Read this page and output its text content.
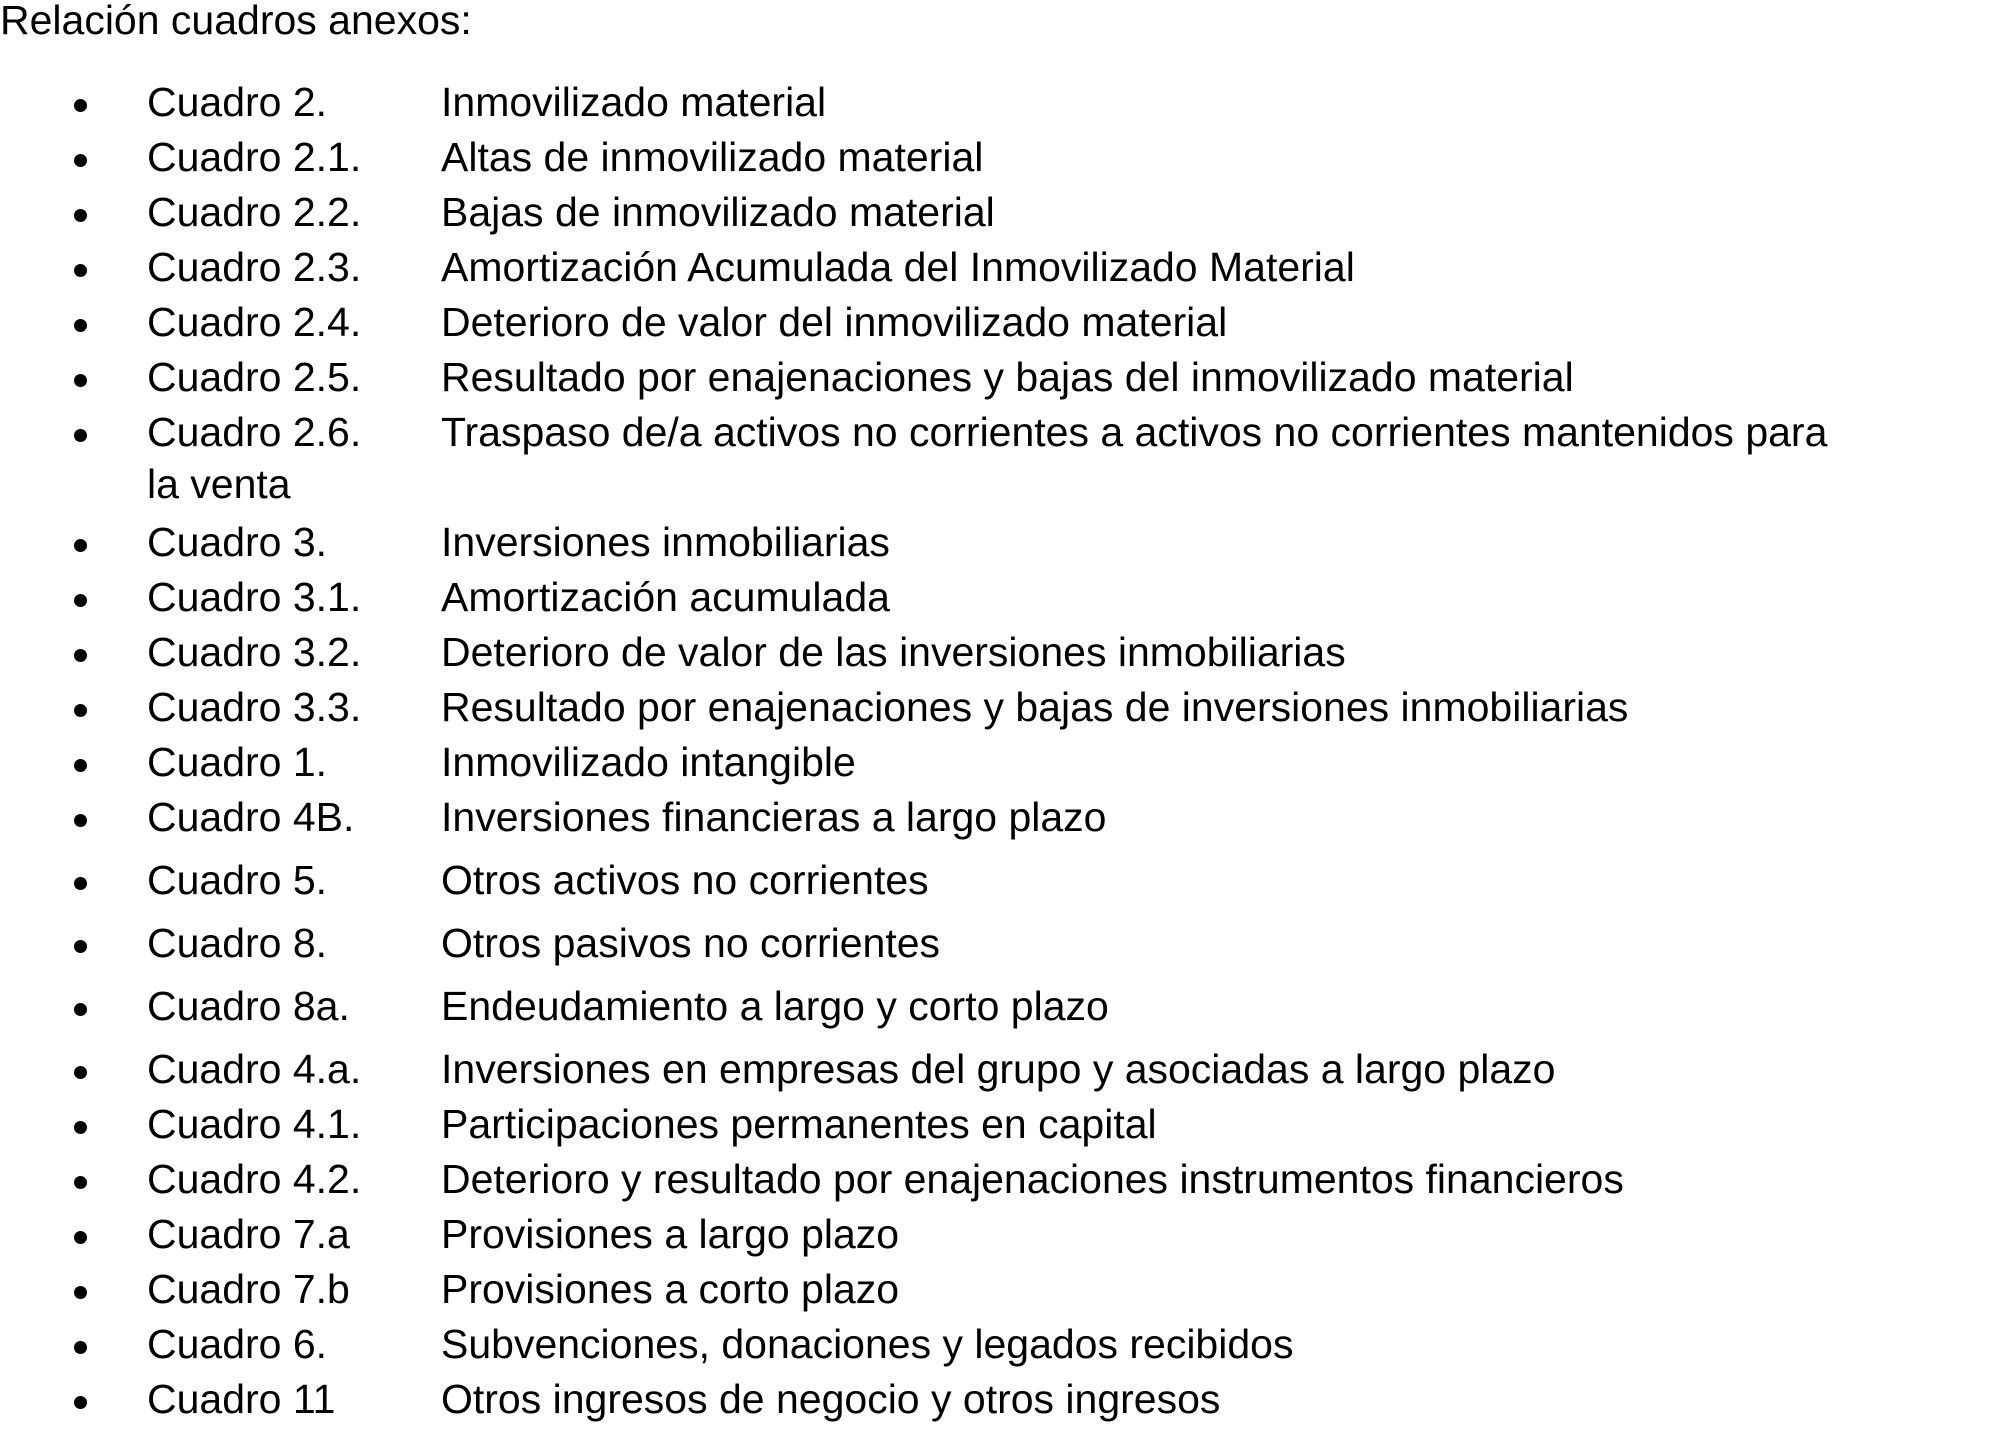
Relación cuadros anexos:
Cuadro 2.	Inmovilizado material
Cuadro 2.1. Altas de inmovilizado material
Cuadro 2.2. Bajas de inmovilizado material
Cuadro 2.3. Amortización Acumulada del Inmovilizado Material
Cuadro 2.4. Deterioro de valor del inmovilizado material
Cuadro 2.5. Resultado por enajenaciones y bajas del inmovilizado material
Cuadro 2.6. Traspaso de/a activos no corrientes a activos no corrientes mantenidos para
la venta
Cuadro 3.	Inversiones inmobiliarias
Cuadro 3.1. Amortización acumulada
Cuadro 3.2. Deterioro de valor de las inversiones inmobiliarias
Cuadro 3.3. Resultado por enajenaciones y bajas de inversiones inmobiliarias
Cuadro 1.	Inmovilizado intangible
Cuadro 4B. Inversiones financieras a largo plazo
Cuadro 5.	Otros activos no corrientes
Cuadro 8.	Otros pasivos no corrientes
Cuadro 8a. Endeudamiento a largo y corto plazo
Cuadro 4.a. Inversiones en empresas del grupo y asociadas a largo plazo
Cuadro 4.1. Participaciones permanentes en capital
Cuadro 4.2. Deterioro y resultado por enajenaciones instrumentos financieros
Cuadro 7.a Provisiones a largo plazo
Cuadro 7.b Provisiones a corto plazo
Cuadro 6.	Subvenciones, donaciones y legados recibidos
Cuadro 11	Otros ingresos de negocio y otros ingresos
